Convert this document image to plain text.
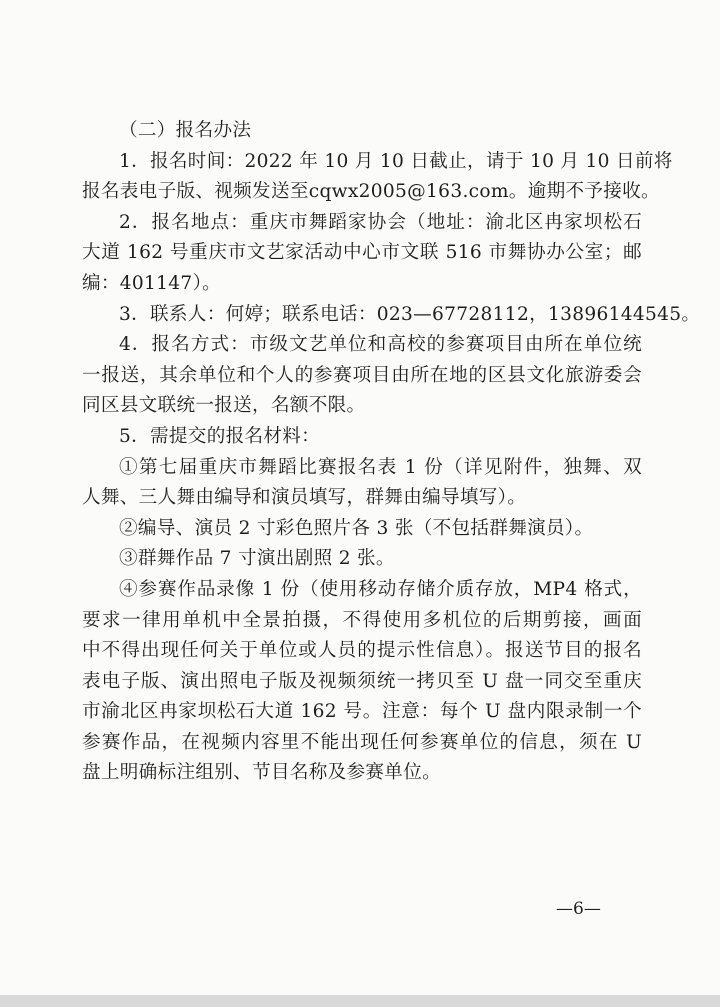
（二）报名办法
1．报名时间：2022 年 10 月 10 日截止，请于 10 月 10 日前将
报名表电子版、视频发送至cqwx2005@163.com。逾期不予接收。
2．报名地点：重庆市舞蹈家协会（地址：渝北区冉家坝松石
大道 162 号重庆市文艺家活动中心市文联 516 市舞协办公室；邮
编：401147）。
3．联系人：何婷；联系电话：023—67728112，13896144545。
4．报名方式：市级文艺单位和高校的参赛项目由所在单位统
一报送，其余单位和个人的参赛项目由所在地的区县文化旅游委会
同区县文联统一报送，名额不限。
5．需提交的报名材料：
①第七届重庆市舞蹈比赛报名表 1 份（详见附件，独舞、双
人舞、三人舞由编导和演员填写，群舞由编导填写）。
②编导、演员 2 寸彩色照片各 3 张（不包括群舞演员）。
③群舞作品 7 寸演出剧照 2 张。
④参赛作品录像 1 份（使用移动存储介质存放，MP4 格式，
要求一律用单机中全景拍摄，不得使用多机位的后期剪接，画面
中不得出现任何关于单位或人员的提示性信息）。报送节目的报名
表电子版、演出照电子版及视频须统一拷贝至 U 盘一同交至重庆
市渝北区冉家坝松石大道 162 号。注意：每个 U 盘内限录制一个
参赛作品，在视频内容里不能出现任何参赛单位的信息，须在 U
盘上明确标注组别、节目名称及参赛单位。
—6—
